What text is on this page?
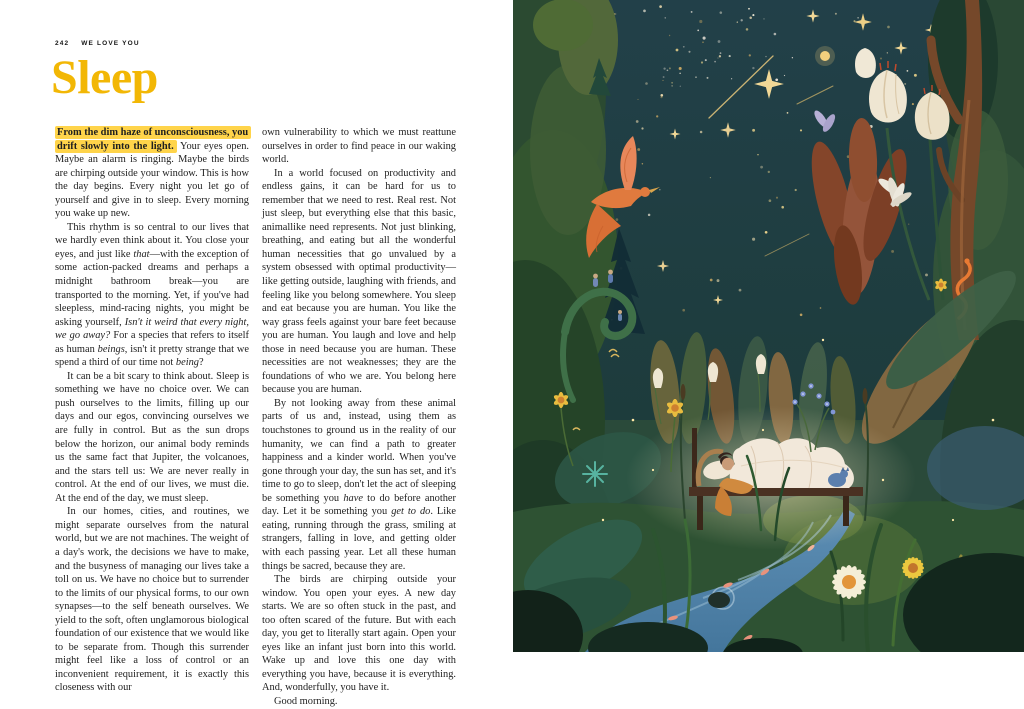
242 WE LOVE YOU
Sleep

From the dim haze of unconsciousness, you drift slowly into the light. Your eyes open. Maybe an alarm is ringing. Maybe the birds are chirping outside your window. This is how the day begins. Every night you let go of yourself and give in to sleep. Every morning you wake up new.

This rhythm is so central to our lives that we hardly even think about it. You close your eyes, and just like that—with the exception of some action-packed dreams and perhaps a midnight bathroom break—you are transported to the morning. Yet, if you've had sleepless, mind-racing nights, you might be asking yourself, Isn't it weird that every night, we go away? For a species that refers to itself as human beings, isn't it pretty strange that we spend a third of our time not being?

It can be a bit scary to think about. Sleep is something we have no choice over. We can push ourselves to the limits, filling up our days and our egos, convincing ourselves we are fully in control. But as the sun drops below the horizon, our animal body reminds us the same fact that Jupiter, the volcanoes, and the stars tell us: We are never really in control. At the end of our lives, we must die. At the end of the day, we must sleep.

In our homes, cities, and routines, we might separate ourselves from the natural world, but we are not machines. The weight of a day's work, the decisions we have to make, and the busyness of managing our lives take a toll on us. We have no choice but to surrender to the limits of our physical forms, to our own synapses—to the self beneath ourselves. We yield to the soft, often unglamorous biological foundation of our existence that we would like to be separate from. Though this surrender might feel like a loss of control or an inconvenient requirement, it is exactly this closeness with our

own vulnerability to which we must reattune ourselves in order to find peace in our waking world.

In a world focused on productivity and endless gains, it can be hard for us to remember that we need to rest. Real rest. Not just sleep, but everything else that this basic, animallike need represents. Not just blinking, breathing, and eating but all the wonderful human necessities that go unvalued by a system obsessed with optimal productivity—like getting outside, laughing with friends, and feeling like you belong somewhere. You sleep and eat because you are human. You like the way grass feels against your bare feet because you are human. You laugh and love and help those in need because you are human. These necessities are not weaknesses; they are the foundations of who we are. You belong here because you are human.

By not looking away from these animal parts of us and, instead, using them as touchstones to ground us in the reality of our humanity, we can find a path to greater happiness and a kinder world. When you've gone through your day, the sun has set, and it's time to go to sleep, don't let the act of sleeping be something you have to do before another day. Let it be something you get to do. Like eating, running through the grass, smiling at strangers, falling in love, and getting older with each passing year. Let all these human things be sacred, because they are.

The birds are chirping outside your window. You open your eyes. A new day starts. We are so often stuck in the past, and too often scared of the future. But with each day, you get to literally start again. Open your eyes like an infant just born into this world. Wake up and love this one day with everything you have, because it is everything. And, wonderfully, you have it.

Good morning.
